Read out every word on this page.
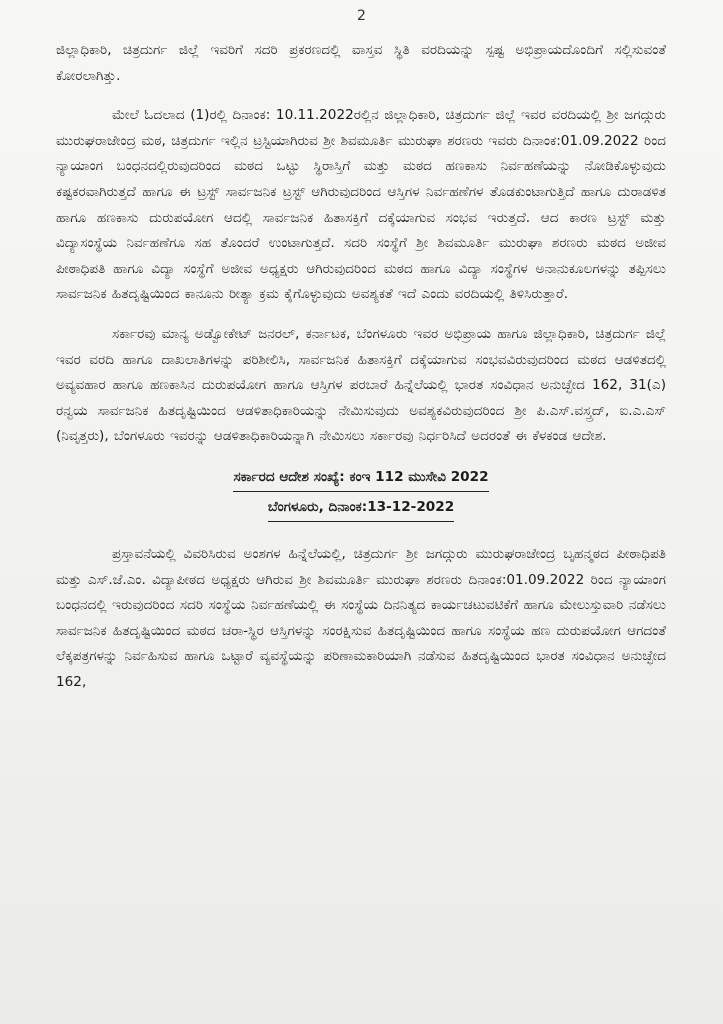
2

ಜಿಲ್ಲಾಧಿಕಾರಿ, ಚಿತ್ರದುರ್ಗ ಜಿಲ್ಲೆ ಇವರಿಗೆ ಸದರಿ ಪ್ರಕರಣದಲ್ಲಿ ವಾಸ್ತವ ಸ್ಥಿತಿ ವರದಿಯನ್ನು ಸ್ಪಷ್ಟ ಅಭಿಪ್ರಾಯದೊಂದಿಗೆ ಸಲ್ಲಿಸುವಂತೆ ಕೋರಲಾಗಿತ್ತು.

ಮೇಲೆ ಓದಲಾದ (1)ರಲ್ಲಿ ದಿನಾಂಕ: 10.11.2022ರಲ್ಲಿನ ಜಿಲ್ಲಾಧಿಕಾರಿ, ಚಿತ್ರದುರ್ಗ ಜಿಲ್ಲೆ ಇವರ ವರದಿಯಲ್ಲಿ ಶ್ರೀ ಜಗದ್ಗುರು ಮುರುಘರಾಜೇಂದ್ರ ಮಠ, ಚಿತ್ರದುರ್ಗ ಇಲ್ಲಿನ ಟ್ರಸ್ಟಿಯಾಗಿರುವ ಶ್ರೀ ಶಿವಮೂರ್ತಿ ಮುರುಘಾ ಶರಣರು ಇವರು ದಿನಾಂಕ:01.09.2022 ರಿಂದ ನ್ಯಾಯಾಂಗ ಬಂಧನದಲ್ಲಿರುವುದರಿಂದ ಮಠದ ಒಟ್ಟು ಸ್ಥಿರಾಸ್ತಿಗೆ ಮತ್ತು ಮಠದ ಹಣಕಾಸು ನಿರ್ವಹಣೆಯನ್ನು ನೋಡಿಕೊಳ್ಳುವುದು ಕಷ್ಟಕರವಾಗಿರುತ್ತದೆ ಹಾಗೂ ಈ ಟ್ರಸ್ಟ್ ಸಾರ್ವಜನಿಕ ಟ್ರಸ್ಟ್ ಆಗಿರುವುದರಿಂದ ಆಸ್ತಿಗಳ ನಿರ್ವಹಣೆಗಳ ತೊಡಕುಂಟಾಗುತ್ತಿದೆ ಹಾಗೂ ದುರಾಡಳಿತ ಹಾಗೂ ಹಣಕಾಸು ದುರುಪಯೋಗ ಆದಲ್ಲಿ ಸಾರ್ವಜನಿಕ ಹಿತಾಸಕ್ತಿಗೆ ದಕ್ಕೆಯಾಗುವ ಸಂಭವ ಇರುತ್ತದೆ. ಆದ ಕಾರಣ ಟ್ರಸ್ಟ್ ಮತ್ತು ವಿದ್ಯಾಸಂಸ್ಥೆಯ ನಿರ್ವಹಣೆಗೂ ಸಹ ತೊಂದರೆ ಉಂಟಾಗುತ್ತದೆ. ಸದರಿ ಸಂಸ್ಥೆಗೆ ಶ್ರೀ ಶಿವಮೂರ್ತಿ ಮುರುಘಾ ಶರಣರು ಮಠದ ಅಜೀವ ಪೀಠಾಧಿಪತಿ ಹಾಗೂ ವಿದ್ಯಾ ಸಂಸ್ಥೆಗೆ ಅಜೀವ ಅಧ್ಯಕ್ಷರು ಆಗಿರುವುದರಿಂದ ಮಠದ ಹಾಗೂ ವಿದ್ಯಾ ಸಂಸ್ಥೆಗಳ ಅನಾನುಕೂಲಗಳನ್ನು ತಪ್ಪಿಸಲು ಸಾರ್ವಜನಿಕ ಹಿತದೃಷ್ಟಿಯಿಂದ ಕಾನೂನು ರೀತ್ಯಾ ಕ್ರಮ ಕೈಗೊಳ್ಳುವುದು ಅವಶ್ಯಕತೆ ಇದೆ ಎಂದು ವರದಿಯಲ್ಲಿ ತಿಳಿಸಿರುತ್ತಾರೆ.

ಸರ್ಕಾರವು ಮಾನ್ಯ ಅಡ್ವೋಕೇಟ್ ಜನರಲ್, ಕರ್ನಾಟಕ, ಬೆಂಗಳೂರು ಇವರ ಅಭಿಪ್ರಾಯ ಹಾಗೂ ಜಿಲ್ಲಾಧಿಕಾರಿ, ಚಿತ್ರದುರ್ಗ ಜಿಲ್ಲೆ ಇವರ ವರದಿ ಹಾಗೂ ದಾಖಲಾತಿಗಳನ್ನು ಪರಿಶೀಲಿಸಿ, ಸಾರ್ವಜನಿಕ ಹಿತಾಸಕ್ತಿಗೆ ದಕ್ಕೆಯಾಗುವ ಸಂಭವವಿರುವುದರಿಂದ ಮಠದ ಆಡಳಿತದಲ್ಲಿ ಅವ್ಯವಹಾರ ಹಾಗೂ ಹಣಕಾಸಿನ ದುರುಪಯೋಗ ಹಾಗೂ ಆಸ್ತಿಗಳ ಪರಬಾರೆ ಹಿನ್ನೆಲೆಯಲ್ಲಿ ಭಾರತ ಸಂವಿಧಾನ ಅನುಚ್ಛೇದ 162, 31(ಎ) ರನ್ವಯ ಸಾರ್ವಜನಿಕ ಹಿತದೃಷ್ಟಿಯಿಂದ ಆಡಳಿತಾಧಿಕಾರಿಯನ್ನು ನೇಮಿಸುವುದು ಅವಶ್ಯಕವಿರುವುದರಿಂದ ಶ್ರೀ ಪಿ.ಎಸ್.ವಸ್ತ್ರದ್, ಐ.ಎ.ಎಸ್ (ನಿವೃತ್ತರು), ಬೆಂಗಳೂರು ಇವರನ್ನು ಆಡಳಿತಾಧಿಕಾರಿಯನ್ನಾಗಿ ನೇಮಿಸಲು ಸರ್ಕಾರವು ನಿರ್ಧರಿಸಿದೆ ಅದರಂತೆ ಈ ಕೆಳಕಂಡ ಆದೇಶ.

ಸರ್ಕಾರದ ಆದೇಶ ಸಂಖ್ಯೆ: ಕಂಇ 112 ಮುಸೇವಿ 2022
ಬೆಂಗಳೂರು, ದಿನಾಂಕ:13-12-2022

ಪ್ರಸ್ತಾವನೆಯಲ್ಲಿ ವಿವರಿಸಿರುವ ಅಂಶಗಳ ಹಿನ್ನೆಲೆಯಲ್ಲಿ, ಚಿತ್ರದುರ್ಗ ಶ್ರೀ ಜಗದ್ಗುರು ಮುರುಘರಾಜೇಂದ್ರ ಬೃಹನ್ಮಠದ ಪೀಠಾಧಿಪತಿ ಮತ್ತು ಎಸ್.ಜೆ.ಎಂ. ವಿದ್ಯಾಪೀಠದ ಅಧ್ಯಕ್ಷರು ಆಗಿರುವ ಶ್ರೀ ಶಿವಮೂರ್ತಿ ಮುರುಘಾ ಶರಣರು ದಿನಾಂಕ:01.09.2022 ರಿಂದ ನ್ಯಾಯಾಂಗ ಬಂಧನದಲ್ಲಿ ಇರುವುದರಿಂದ ಸದರಿ ಸಂಸ್ಥೆಯ ನಿರ್ವಹಣೆಯಲ್ಲಿ ಈ ಸಂಸ್ಥೆಯ ದಿನನಿತ್ಯದ ಕಾರ್ಯಚಟುವಟಿಕೆಗೆ ಹಾಗೂ ಮೇಲುಸ್ತುವಾರಿ ನಡೆಸಲು ಸಾರ್ವಜನಿಕ ಹಿತದೃಷ್ಟಿಯಿಂದ ಮಠದ ಚರಾ-ಸ್ಥಿರ ಆಸ್ತಿಗಳನ್ನು ಸಂರಕ್ಷಿಸುವ ಹಿತದೃಷ್ಟಿಯಿಂದ ಹಾಗೂ ಸಂಸ್ಥೆಯ ಹಣ ದುರುಪಯೋಗ ಆಗದಂತೆ ಲೆಕ್ಕಪತ್ರಗಳನ್ನು ನಿರ್ವಹಿಸುವ ಹಾಗೂ ಒಟ್ಟಾರೆ ವ್ಯವಸ್ಥೆಯನ್ನು ಪರಿಣಾಮಕಾರಿಯಾಗಿ ನಡೆಸುವ ಹಿತದೃಷ್ಟಿಯಿಂದ ಭಾರತ ಸಂವಿಧಾನ ಅನುಚ್ಛೇದ 162,
